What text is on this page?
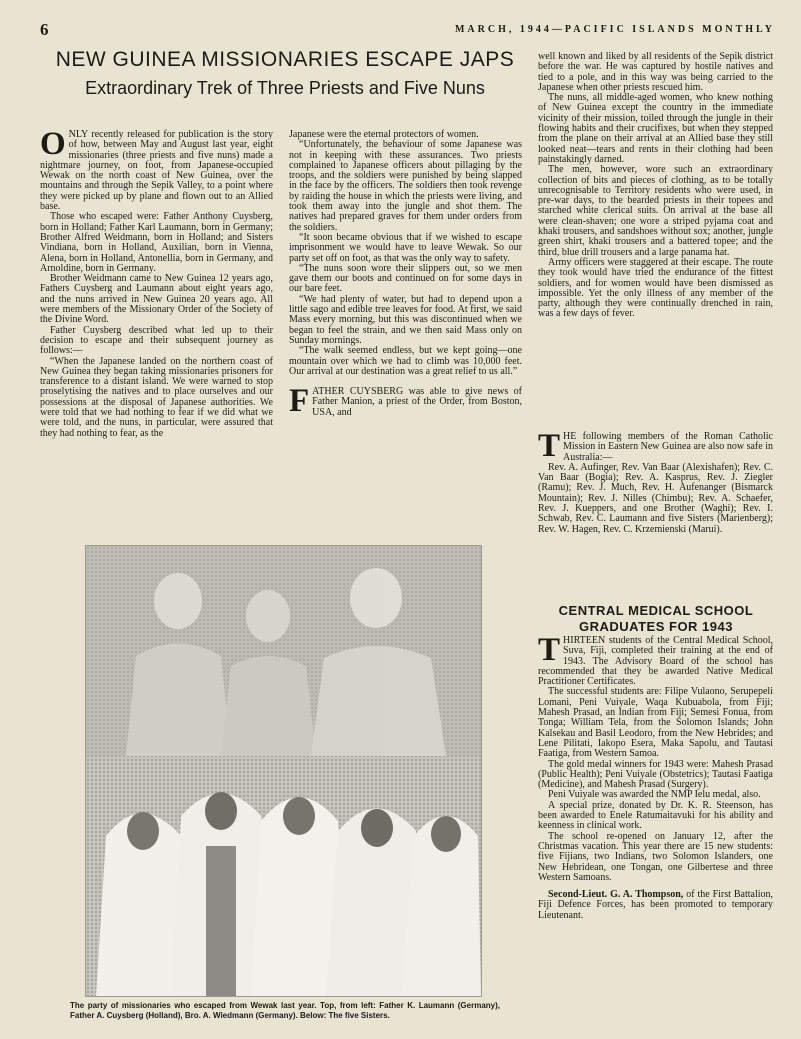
6	MARCH, 1944—PACIFIC ISLANDS MONTHLY
NEW GUINEA MISSIONARIES ESCAPE JAPS
Extraordinary Trek of Three Priests and Five Nuns

ONLY recently released for publication is the story of how, between May and August last year, eight missionaries (three priests and five nuns) made a nightmare journey, on foot, from Japanese-occupied Wewak on the north coast of New Guinea, over the mountains and through the Sepik Valley, to a point where they were picked up by plane and flown out to an Allied base.

Those who escaped were: Father Anthony Cuysberg, born in Holland; Father Karl Laumann, born in Germany; Brother Alfred Weidmann, born in Holland; and Sisters Vindiana, born in Holland, Auxilian, born in Vienna, Alena, born in Holland, Antonellia, born in Germany, and Arnoldine, born in Germany.

Brother Weidmann came to New Guinea 12 years ago, Fathers Cuysberg and Laumann about eight years ago, and the nuns arrived in New Guinea 20 years ago. All were members of the Missionary Order of the Society of the Divine Word.

Father Cuysberg described what led up to their decision to escape and their subsequent journey as follows:—

“When the Japanese landed on the northern coast of New Guinea they began taking missionaries prisoners for transference to a distant island. We were warned to stop proselytising the natives and to place ourselves and our possessions at the disposal of Japanese authorities. We were told that we had nothing to fear if we did what we were told, and the nuns, in particular, were assured that they had nothing to fear, as the

Japanese were the eternal protectors of women.

“Unfortunately, the behaviour of some Japanese was not in keeping with these assurances. Two priests complained to Japanese officers about pillaging by the troops, and the soldiers were punished by being slapped in the face by the officers. The soldiers then took revenge by raiding the house in which the priests were living, and took them away into the jungle and shot them. The natives had prepared graves for them under orders from the soldiers.

“It soon became obvious that if we wished to escape imprisonment we would have to leave Wewak. So our party set off on foot, as that was the only way to safety.

“The nuns soon wore their slippers out, so we men gave them our boots and continued on for some days in our bare feet.

“We had plenty of water, but had to depend upon a little sago and edible tree leaves for food. At first, we said Mass every morning, but this was discontinued when we began to feel the strain, and we then said Mass only on Sunday mornings.

“The walk seemed endless, but we kept going—one mountain over which we had to climb was 10,000 feet. Our arrival at our destination was a great relief to us all.”

FATHER CUYSBERG was able to give news of Father Manion, a priest of the Order, from Boston, USA, and

well known and liked by all residents of the Sepik district before the war. He was captured by hostile natives and tied to a pole, and in this way was being carried to the Japanese when other priests rescued him.

The nuns, all middle-aged women, who knew nothing of New Guinea except the country in the immediate vicinity of their mission, toiled through the jungle in their flowing habits and their crucifixes, but when they stepped from the plane on their arrival at an Allied base they still looked neat—tears and rents in their clothing had been painstakingly darned.

The men, however, wore such an extraordinary collection of bits and pieces of clothing, as to be totally unrecognisable to Territory residents who were used, in pre-war days, to the bearded priests in their topees and starched white clerical suits. On arrival at the base all were clean-shaven; one wore a striped pyjama coat and khaki trousers, and sandshoes without sox; another, jungle green shirt, khaki trousers and a battered topee; and the third, blue drill trousers and a large panama hat.

Army officers were staggered at their escape. The route they took would have tried the endurance of the fittest soldiers, and for women would have been dismissed as impossible. Yet the only illness of any member of the party, although they were continually drenched in rain, was a few days of fever.

THE following members of the Roman Catholic Mission in Eastern New Guinea are also now safe in Australia:—

Rev. A. Aufinger, Rev. Van Baar (Alexishafen); Rev. C. Van Baar (Bogia); Rev. A. Kasprus, Rev. J. Ziegler (Ramu); Rev. J. Much, Rev. H. Aufenanger (Bismarck Mountain); Rev. J. Nilles (Chimbu); Rev. A. Schaefer, Rev. J. Kueppers, and one Brother (Waghi); Rev. I. Schwab, Rev. C. Laumann and five Sisters (Marienberg); Rev. W. Hagen, Rev. C. Krzemienski (Marui).

CENTRAL MEDICAL SCHOOL GRADUATES FOR 1943

THIRTEEN students of the Central Medical School, Suva, Fiji, completed their training at the end of 1943. The Advisory Board of the school has recommended that they be awarded Native Medical Practitioner Certificates.

The successful students are: Filipe Vulaono, Serupepeli Lomani, Peni Vuiyale, Waqa Kubuabola, from Fiji; Mahesh Prasad, an Indian from Fiji; Semesi Fonua, from Tonga; William Tela, from the Solomon Islands; John Kalsekau and Basil Leodoro, from the New Hebrides; and Lene Pilitati, Iakopo Esera, Maka Sapolu, and Tautasi Faatiga, from Western Samoa.

The gold medal winners for 1943 were: Mahesh Prasad (Public Health); Peni Vuiyale (Obstetrics); Tautasi Faatiga (Medicine), and Mahesh Prasad (Surgery).

Peni Vuiyale was awarded the NMP Ielu medal, also.

A special prize, donated by Dr. K. R. Steenson, has been awarded to Enele Ratumaitavuki for his ability and keenness in clinical work.

The school re-opened on January 12, after the Christmas vacation. This year there are 15 new students: five Fijians, two Indians, two Solomon Islanders, one New Hebridean, one Tongan, one Gilbertese and three Western Samoans.

Second-Lieut. G. A. Thompson, of the First Battalion, Fiji Defence Forces, has been promoted to temporary Lieutenant.

The party of missionaries who escaped from Wewak last year. Top, from left: Father K. Laumann (Germany), Father A. Cuysberg (Holland), Bro. A. Wiedmann (Germany). Below: The five Sisters.
